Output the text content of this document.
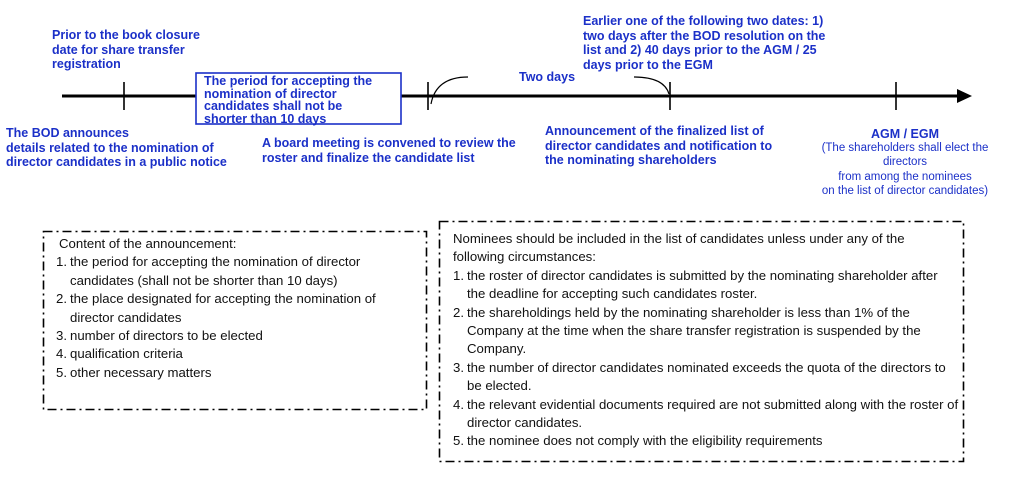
Prior to the book closure
date for share transfer
registration

Earlier one of the following two dates: 1)
two days after the BOD resolution on the
list and 2) 40 days prior to the AGM / 25
days prior to the EGM

Two days

The period for accepting the
nomination of director
candidates shall not be
shorter than 10 days

The BOD announces
details related to the nomination of
director candidates in a public notice

A board meeting is convened to review the
roster and finalize the candidate list

Announcement of the finalized list of
director candidates and notification to
the nominating shareholders

AGM / EGM

(The shareholders shall elect the
directors
from among the nominees
on the list of director candidates)

Content of the announcement:

1. the period for accepting the nomination of director candidates (shall not be shorter than 10 days)

2. the place designated for accepting the nomination of director candidates

3. number of directors to be elected

4. qualification criteria

5. other necessary matters

Nominees should be included in the list of candidates unless under any of the following circumstances:

1. the roster of director candidates is submitted by the nominating shareholder after the deadline for accepting such candidates roster.

2. the shareholdings held by the nominating shareholder is less than 1% of the Company at the time when the share transfer registration is suspended by the Company.

3. the number of director candidates nominated exceeds the quota of the directors to be elected.

4. the relevant evidential documents required are not submitted along with the roster of director candidates.

5. the nominee does not comply with the eligibility requirements
